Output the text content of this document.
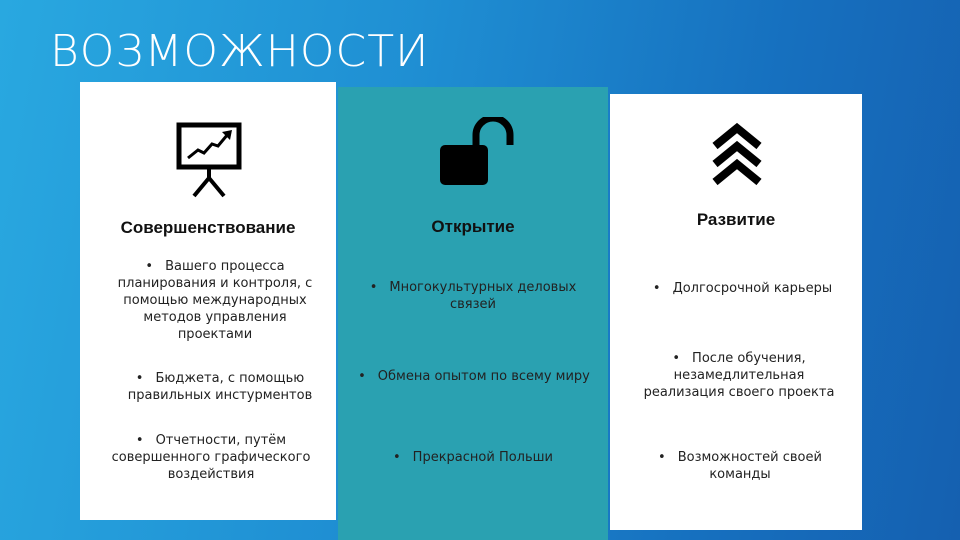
ВОЗМОЖНОСТИ
Совершенствование
• Вашего процесса планирования и контроля, с помощью международных методов управления проектами
• Бюджета, с помощью правильных инстурментов
• Отчетности, путём совершенного графического воздействия
Открытие
• Многокультурных деловых связей
• Обмена опытом по всему миру
• Прекрасной Польши
Развитие
• Долгосрочной карьеры
• После обучения, незамедлительная реализация своего проекта
• Возможностей своей команды
